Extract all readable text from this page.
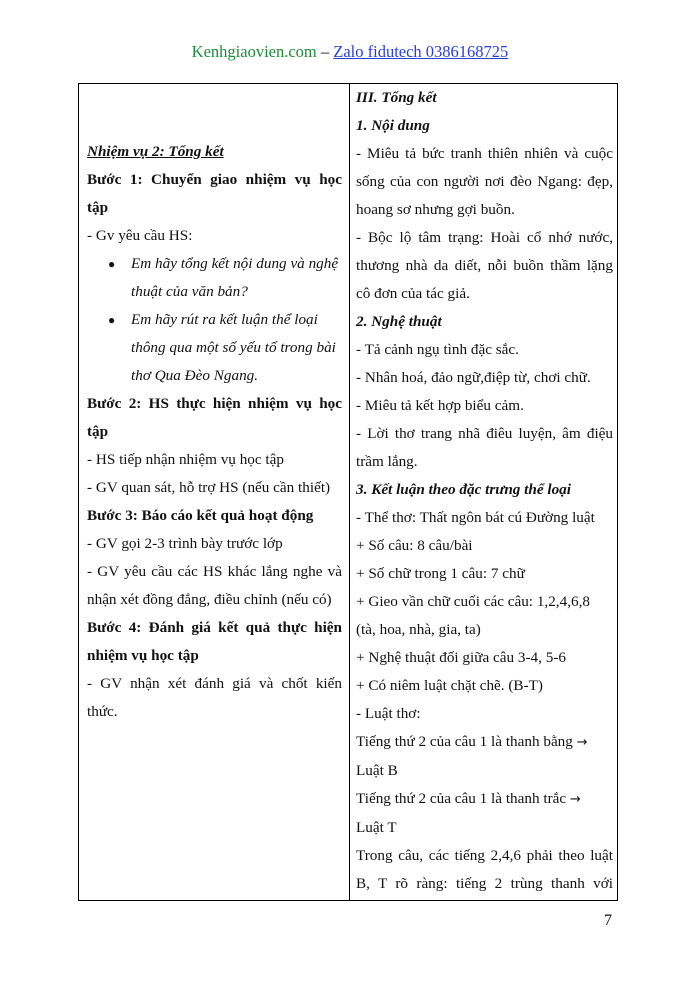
Kenhgiaovien.com – Zalo fidutech 0386168725
Nhiệm vụ 2: Tổng kết
Bước 1: Chuyển giao nhiệm vụ học
tập
- Gv yêu cầu HS:
● Em hãy tổng kết nội dung và nghệ
thuật của văn bản?
● Em hãy rút ra kết luận thể loại
thông qua một số yếu tố trong bài
thơ Qua Đèo Ngang.
Bước 2: HS thực hiện nhiệm vụ học
tập
- HS tiếp nhận nhiệm vụ học tập
- GV quan sát, hỗ trợ HS (nếu cần thiết)
Bước 3: Báo cáo kết quả hoạt động
- GV gọi 2-3 trình bày trước lớp
- GV yêu cầu các HS khác lắng nghe và
nhận xét đồng đẳng, điều chỉnh (nếu có)
Bước 4: Đánh giá kết quả thực hiện
nhiệm vụ học tập
- GV nhận xét đánh giá và chốt kiến
thức.
III. Tổng kết
1. Nội dung
- Miêu tả bức tranh thiên nhiên và cuộc
sống của con người nơi đèo Ngang: đẹp,
hoang sơ nhưng gợi buồn.
- Bộc lộ tâm trạng: Hoài cổ nhớ nước,
thương nhà da diết, nỗi buồn thầm lặng
cô đơn của tác giả.
2. Nghệ thuật
- Tả cảnh ngụ tình đặc sắc.
- Nhân hoá, đảo ngữ,điệp từ, chơi chữ.
- Miêu tả kết hợp biểu cảm.
- Lời thơ trang nhã điêu luyện, âm điệu
trầm lắng.
3. Kết luận theo đặc trưng thể loại
- Thể thơ: Thất ngôn bát cú Đường luật
+ Số câu: 8 câu/bài
+ Số chữ trong 1 câu: 7 chữ
+ Gieo vần chữ cuối các câu: 1,2,4,6,8
(tà, hoa, nhà, gia, ta)
+ Nghệ thuật đối giữa câu 3-4, 5-6
+ Có niêm luật chặt chẽ. (B-T)
- Luật thơ:
Tiếng thứ 2 của câu 1 là thanh bằng →
Luật B
Tiếng thứ 2 của câu 1 là thanh trắc →
Luật T
Trong câu, các tiếng 2,4,6 phải theo luật
B, T rõ ràng: tiếng 2 trùng thanh với
7
